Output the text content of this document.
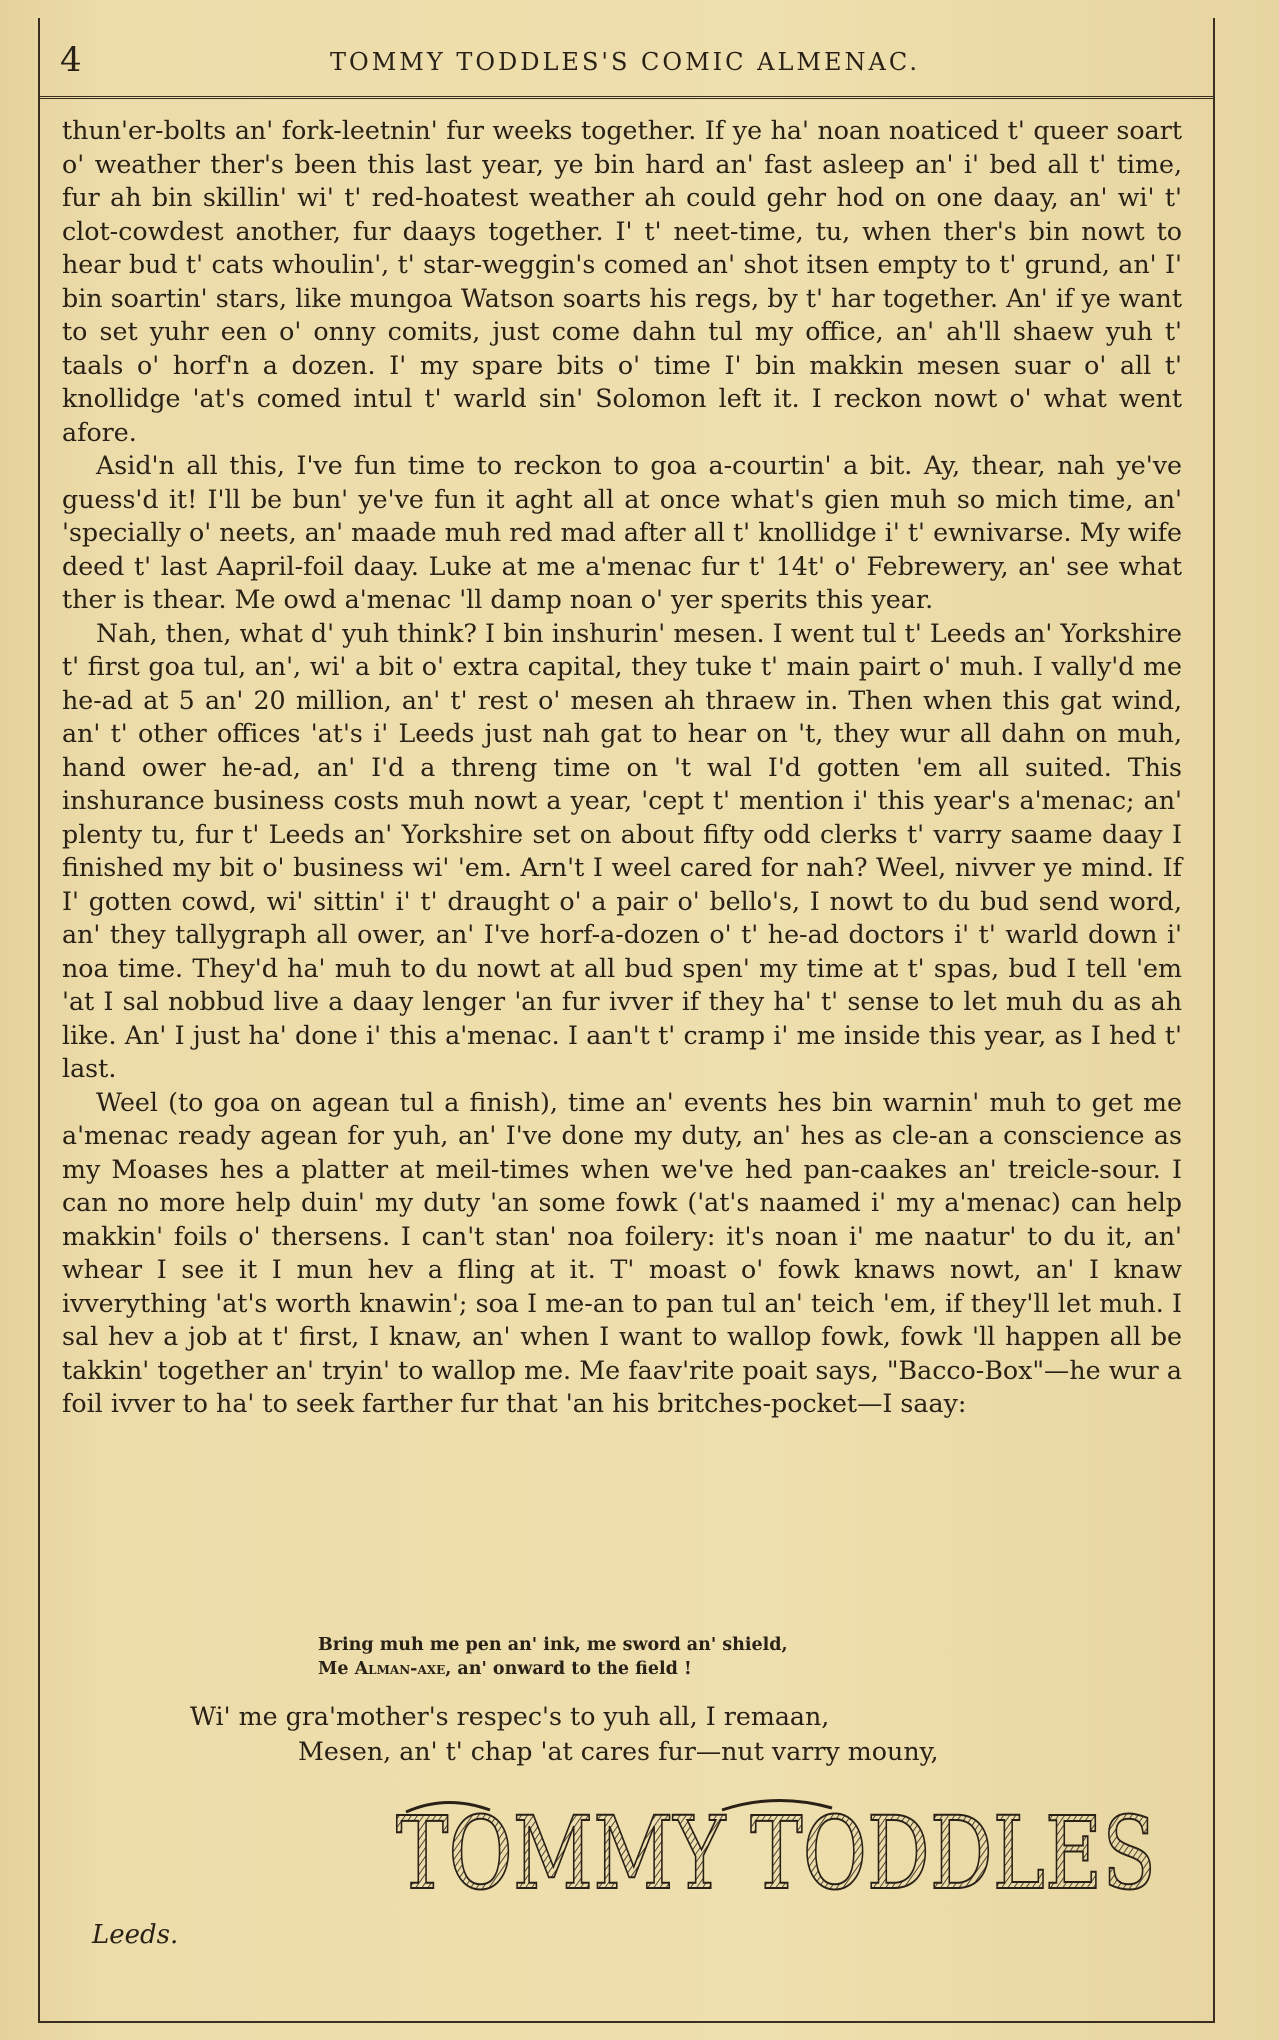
4	TOMMY TODDLES'S COMIC ALMENAC.

thun'er-bolts an' fork-leetnin' fur weeks together. If ye ha' noan noaticed t' queer soart o' weather ther's been this last year, ye bin hard an' fast asleep an' i' bed all t' time, fur ah bin skillin' wi' t' red-hoatest weather ah could gehr hod on one daay, an' wi' t' clot-cowdest another, fur daays together. I' t' neet-time, tu, when ther's bin nowt to hear bud t' cats whoulin', t' star-weggin's comed an' shot itsen empty to t' grund, an' I' bin soartin' stars, like mungoa Watson soarts his regs, by t' har together. An' if ye want to set yuhr een o' onny comits, just come dahn tul my office, an' ah'll shaew yuh t' taals o' horf'n a dozen. I' my spare bits o' time I' bin makkin mesen suar o' all t' knollidge 'at's comed intul t' warld sin' Solomon left it. I reckon nowt o' what went afore.

Asid'n all this, I've fun time to reckon to goa a-courtin' a bit. Ay, thear, nah ye've guess'd it! I'll be bun' ye've fun it aght all at once what's gien muh so mich time, an' 'specially o' neets, an' maade muh red mad after all t' knollidge i' t' ewnivarse. My wife deed t' last Aapril-foil daay. Luke at me a'menac fur t' 14t' o' Febrewery, an' see what ther is thear. Me owd a'menac 'll damp noan o' yer sperits this year.

Nah, then, what d' yuh think? I bin inshurin' mesen. I went tul t' Leeds an' Yorkshire t' first goa tul, an', wi' a bit o' extra capital, they tuke t' main pairt o' muh. I vally'd me he-ad at 5 an' 20 million, an' t' rest o' mesen ah thraew in. Then when this gat wind, an' t' other offices 'at's i' Leeds just nah gat to hear on 't, they wur all dahn on muh, hand ower he-ad, an' I'd a threng time on 't wal I'd gotten 'em all suited. This inshurance business costs muh nowt a year, 'cept t' mention i' this year's a'menac; an' plenty tu, fur t' Leeds an' Yorkshire set on about fifty odd clerks t' varry saame daay I finished my bit o' business wi' 'em. Arn't I weel cared for nah? Weel, nivver ye mind. If I' gotten cowd, wi' sittin' i' t' draught o' a pair o' bello's, I nowt to du bud send word, an' they tallygraph all ower, an' I've horf-a-dozen o' t' he-ad doctors i' t' warld down i' noa time. They'd ha' muh to du nowt at all bud spen' my time at t' spas, bud I tell 'em 'at I sal nobbud live a daay lenger 'an fur ivver if they ha' t' sense to let muh du as ah like. An' I just ha' done i' this a'menac. I aan't t' cramp i' me inside this year, as I hed t' last.

Weel (to goa on agean tul a finish), time an' events hes bin warnin' muh to get me a'menac ready agean for yuh, an' I've done my duty, an' hes as cle-an a conscience as my Moases hes a platter at meil-times when we've hed pan-caakes an' treicle-sour. I can no more help duin' my duty 'an some fowk ('at's naamed i' my a'menac) can help makkin' foils o' thersens. I can't stan' noa foilery: it's noan i' me naatur' to du it, an' whear I see it I mun hev a fling at it. T' moast o' fowk knaws nowt, an' I knaw ivverything 'at's worth knawin'; soa I me-an to pan tul an' teich 'em, if they'll let muh. I sal hev a job at t' first, I knaw, an' when I want to wallop fowk, fowk 'll happen all be takkin' together an' tryin' to wallop me. Me faav'rite poait says, "Bacco-Box"—he wur a foil ivver to ha' to seek farther fur that 'an his britches-pocket—I saay:

Bring muh me pen an' ink, me sword an' shield,
Me Alman-axe, an' onward to the field !
Wi' me gra'mother's respec's to yuh all, I remaan,
Mesen, an' t' chap 'at cares fur—nut varry mouny,
TOMMY TODDLES
Leeds.
